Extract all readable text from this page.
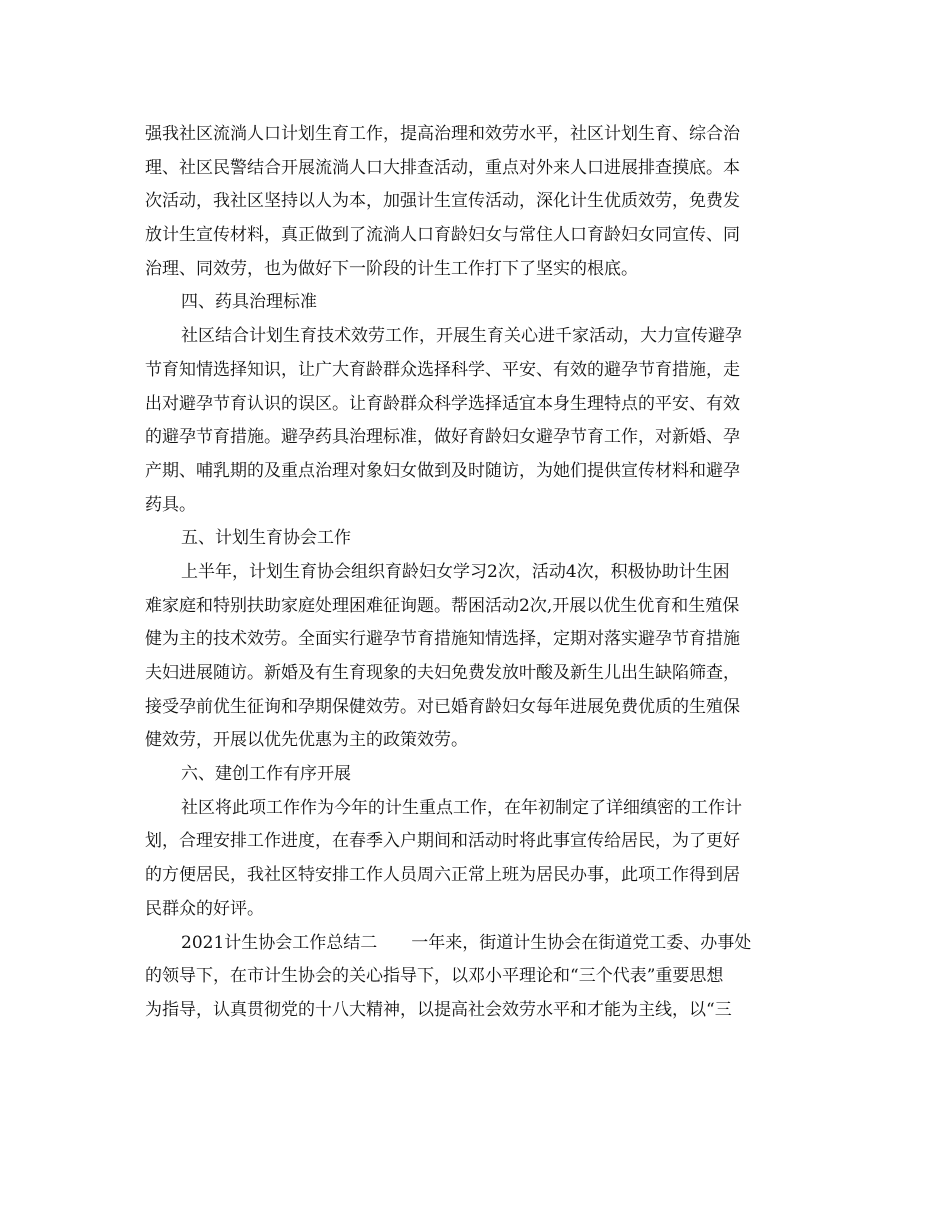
强我社区流淌人口计划生育工作，提高治理和效劳水平，社区计划生育、综合治
理、社区民警结合开展流淌人口大排查活动，重点对外来人口进展排查摸底。本
次活动，我社区坚持以人为本，加强计生宣传活动，深化计生优质效劳，免费发
放计生宣传材料，真正做到了流淌人口育龄妇女与常住人口育龄妇女同宣传、同
治理、同效劳，也为做好下一阶段的计生工作打下了坚实的根底。
四、药具治理标准
社区结合计划生育技术效劳工作，开展生育关心进千家活动，大力宣传避孕
节育知情选择知识，让广大育龄群众选择科学、平安、有效的避孕节育措施，走
出对避孕节育认识的误区。让育龄群众科学选择适宜本身生理特点的平安、有效
的避孕节育措施。避孕药具治理标准，做好育龄妇女避孕节育工作，对新婚、孕
产期、哺乳期的及重点治理对象妇女做到及时随访，为她们提供宣传材料和避孕
药具。
五、计划生育协会工作
上半年，计划生育协会组织育龄妇女学习2次，活动4次，积极协助计生困
难家庭和特别扶助家庭处理困难征询题。帮困活动2次,开展以优生优育和生殖保
健为主的技术效劳。全面实行避孕节育措施知情选择，定期对落实避孕节育措施
夫妇进展随访。新婚及有生育现象的夫妇免费发放叶酸及新生儿出生缺陷筛查，
接受孕前优生征询和孕期保健效劳。对已婚育龄妇女每年进展免费优质的生殖保
健效劳，开展以优先优惠为主的政策效劳。
六、建创工作有序开展
社区将此项工作作为今年的计生重点工作，在年初制定了详细缜密的工作计
划，合理安排工作进度，在春季入户期间和活动时将此事宣传给居民，为了更好
的方便居民，我社区特安排工作人员周六正常上班为居民办事，此项工作得到居
民群众的好评。
2021计生协会工作总结二　　一年来，街道计生协会在街道党工委、办事处
的领导下，在市计生协会的关心指导下，以邓小平理论和“三个代表”重要思想
为指导，认真贯彻党的十八大精神，以提高社会效劳水平和才能为主线，以“三
